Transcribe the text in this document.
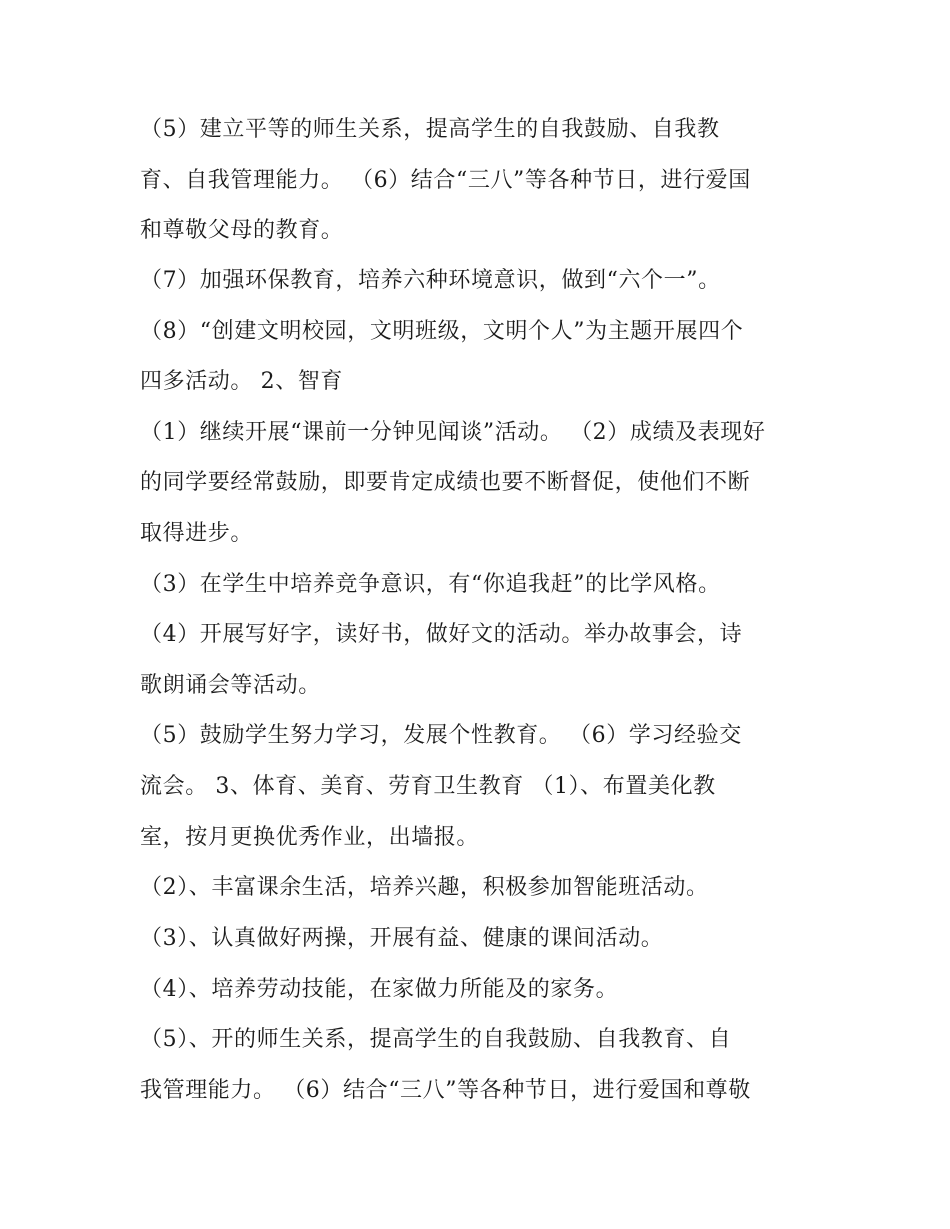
（5）建立平等的师生关系，提高学生的自我鼓励、自我教
育、自我管理能力。 （6）结合“三八”等各种节日，进行爱国
和尊敬父母的教育。
（7）加强环保教育，培养六种环境意识，做到“六个一”。
（8）“创建文明校园，文明班级，文明个人”为主题开展四个
四多活动。 2、智育
（1）继续开展“课前一分钟见闻谈”活动。 （2）成绩及表现好
的同学要经常鼓励，即要肯定成绩也要不断督促，使他们不断
取得进步。
（3）在学生中培养竞争意识，有“你追我赶”的比学风格。
（4）开展写好字，读好书，做好文的活动。举办故事会，诗
歌朗诵会等活动。
（5）鼓励学生努力学习，发展个性教育。 （6）学习经验交
流会。 3、体育、美育、劳育卫生教育 （1）、布置美化教
室，按月更换优秀作业，出墙报。
（2）、丰富课余生活，培养兴趣，积极参加智能班活动。
（3）、认真做好两操，开展有益、健康的课间活动。
（4）、培养劳动技能，在家做力所能及的家务。
（5）、开的师生关系，提高学生的自我鼓励、自我教育、自
我管理能力。 （6）结合“三八”等各种节日，进行爱国和尊敬
